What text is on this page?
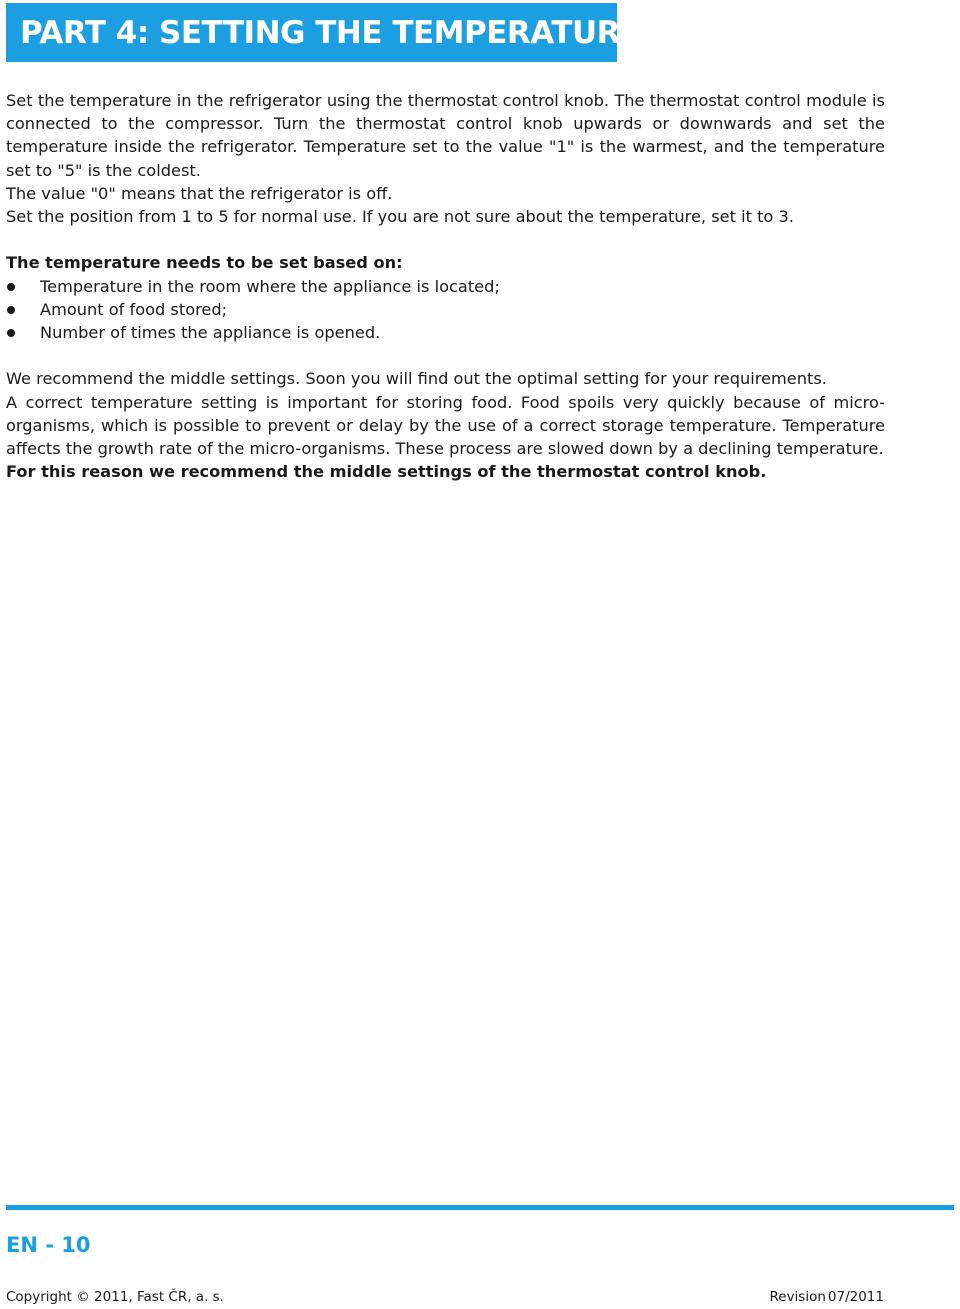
PART 4: SETTING THE TEMPERATURE

Set the temperature in the refrigerator using the thermostat control knob. The thermostat control module is connected to the compressor. Turn the thermostat control knob upwards or downwards and set the temperature inside the refrigerator. Temperature set to the value "1" is the warmest, and the temperature set to "5" is the coldest.

The value "0" means that the refrigerator is off.

Set the position from 1 to 5 for normal use. If you are not sure about the temperature, set it to 3.

The temperature needs to be set based on:

Temperature in the room where the appliance is located;
Amount of food stored;
Number of times the appliance is opened.

We recommend the middle settings. Soon you will find out the optimal setting for your requirements.

A correct temperature setting is important for storing food. Food spoils very quickly because of micro-organisms, which is possible to prevent or delay by the use of a correct storage temperature. Temperature affects the growth rate of the micro-organisms. These process are slowed down by a declining temperature.

For this reason we recommend the middle settings of the thermostat control knob.

EN - 10
Copyright © 2011, Fast ČR, a. s.	Revision 07/2011
